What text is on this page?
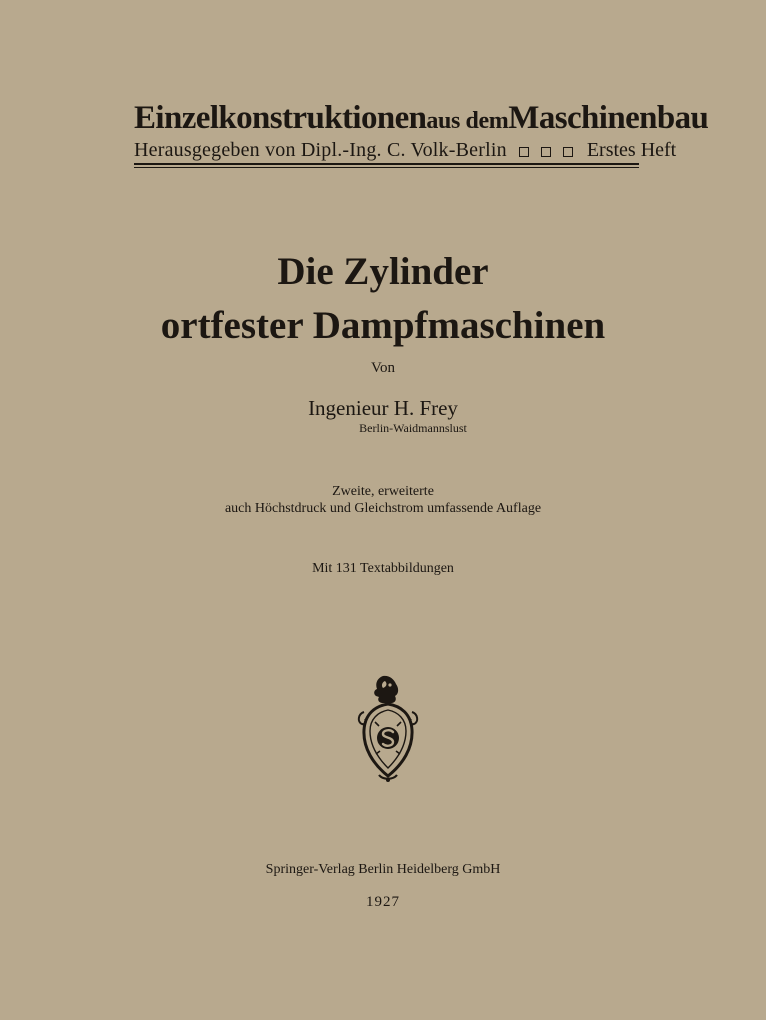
Einzelkonstruktionenaus demMaschinenbau
Herausgegeben von Dipl.-Ing. C. Volk-Berlin	Erstes Heft
Die Zylinder
ortfester Dampfmaschinen
Von
Ingenieur H. Frey
Berlin-Waidmannslust
Zweite, erweiterte
auch Höchstdruck und Gleichstrom umfassende Auflage
Mit 131 Textabbildungen
Springer-Verlag Berlin Heidelberg GmbH
1927
